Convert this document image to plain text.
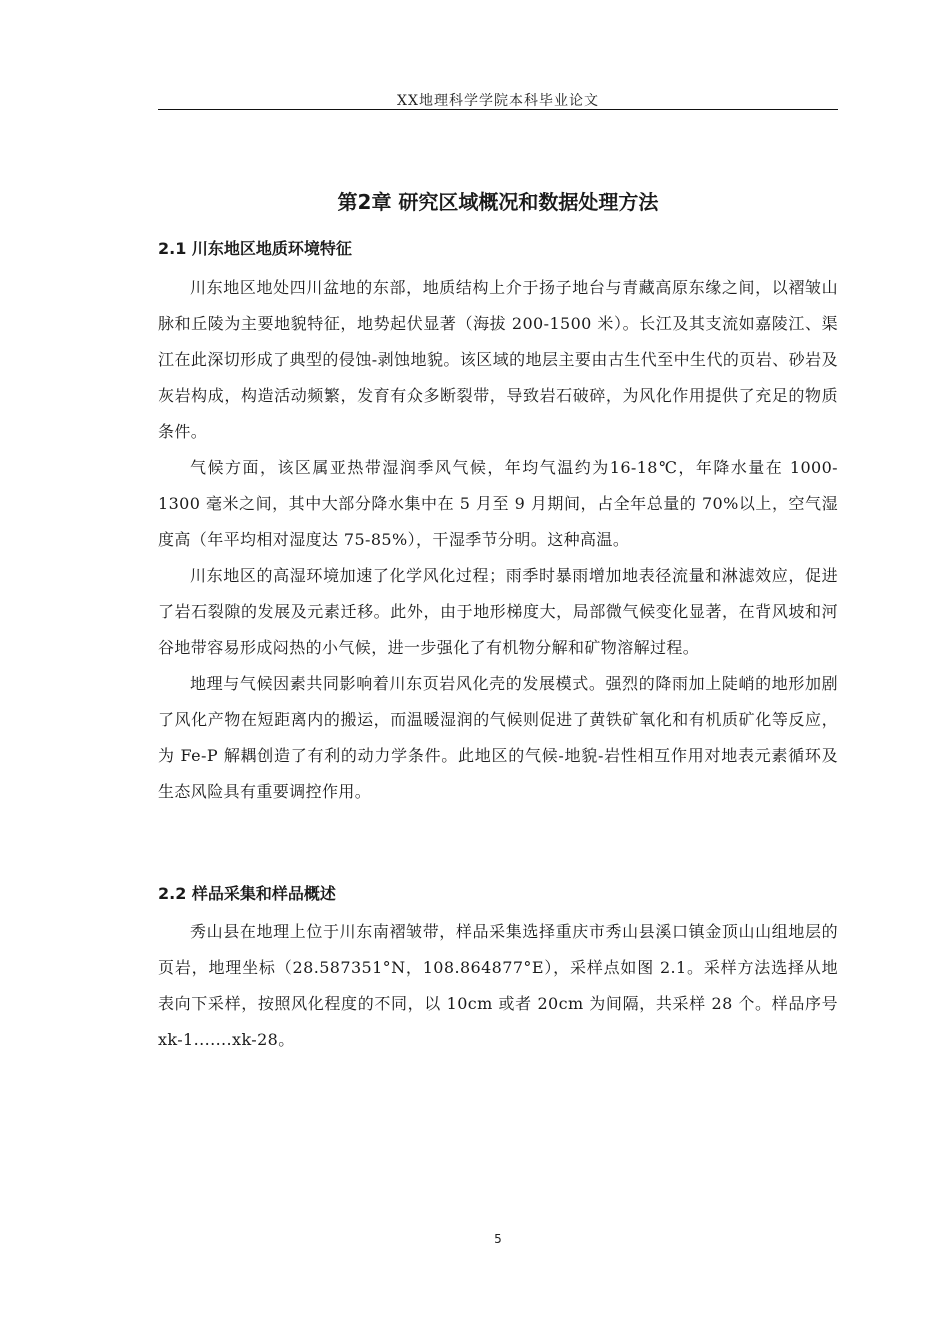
XX地理科学学院本科毕业论文
第2章 研究区域概况和数据处理方法
2.1 川东地区地质环境特征

川东地区地处四川盆地的东部，地质结构上介于扬子地台与青藏高原东缘之间，以褶皱山脉和丘陵为主要地貌特征，地势起伏显著（海拔 200-1500 米）。长江及其支流如嘉陵江、渠江在此深切形成了典型的侵蚀-剥蚀地貌。该区域的地层主要由古生代至中生代的页岩、砂岩及灰岩构成，构造活动频繁，发育有众多断裂带，导致岩石破碎，为风化作用提供了充足的物质条件。

气候方面，该区属亚热带湿润季风气候，年均气温约为16-18℃，年降水量在 1000-1300 毫米之间，其中大部分降水集中在 5 月至 9 月期间，占全年总量的 70%以上，空气湿度高（年平均相对湿度达 75-85%），干湿季节分明。这种高温。

川东地区的高湿环境加速了化学风化过程；雨季时暴雨增加地表径流量和淋滤效应，促进了岩石裂隙的发展及元素迁移。此外，由于地形梯度大，局部微气候变化显著，在背风坡和河谷地带容易形成闷热的小气候，进一步强化了有机物分解和矿物溶解过程。

地理与气候因素共同影响着川东页岩风化壳的发展模式。强烈的降雨加上陡峭的地形加剧了风化产物在短距离内的搬运，而温暖湿润的气候则促进了黄铁矿氧化和有机质矿化等反应，为 Fe-P 解耦创造了有利的动力学条件。此地区的气候-地貌-岩性相互作用对地表元素循环及生态风险具有重要调控作用。

2.2 样品采集和样品概述

秀山县在地理上位于川东南褶皱带，样品采集选择重庆市秀山县溪口镇金顶山山组地层的页岩，地理坐标（28.587351°N，108.864877°E），采样点如图 2.1。采样方法选择从地表向下采样，按照风化程度的不同，以 10cm 或者 20cm 为间隔，共采样 28 个。样品序号 xk-1.......xk-28。

5
